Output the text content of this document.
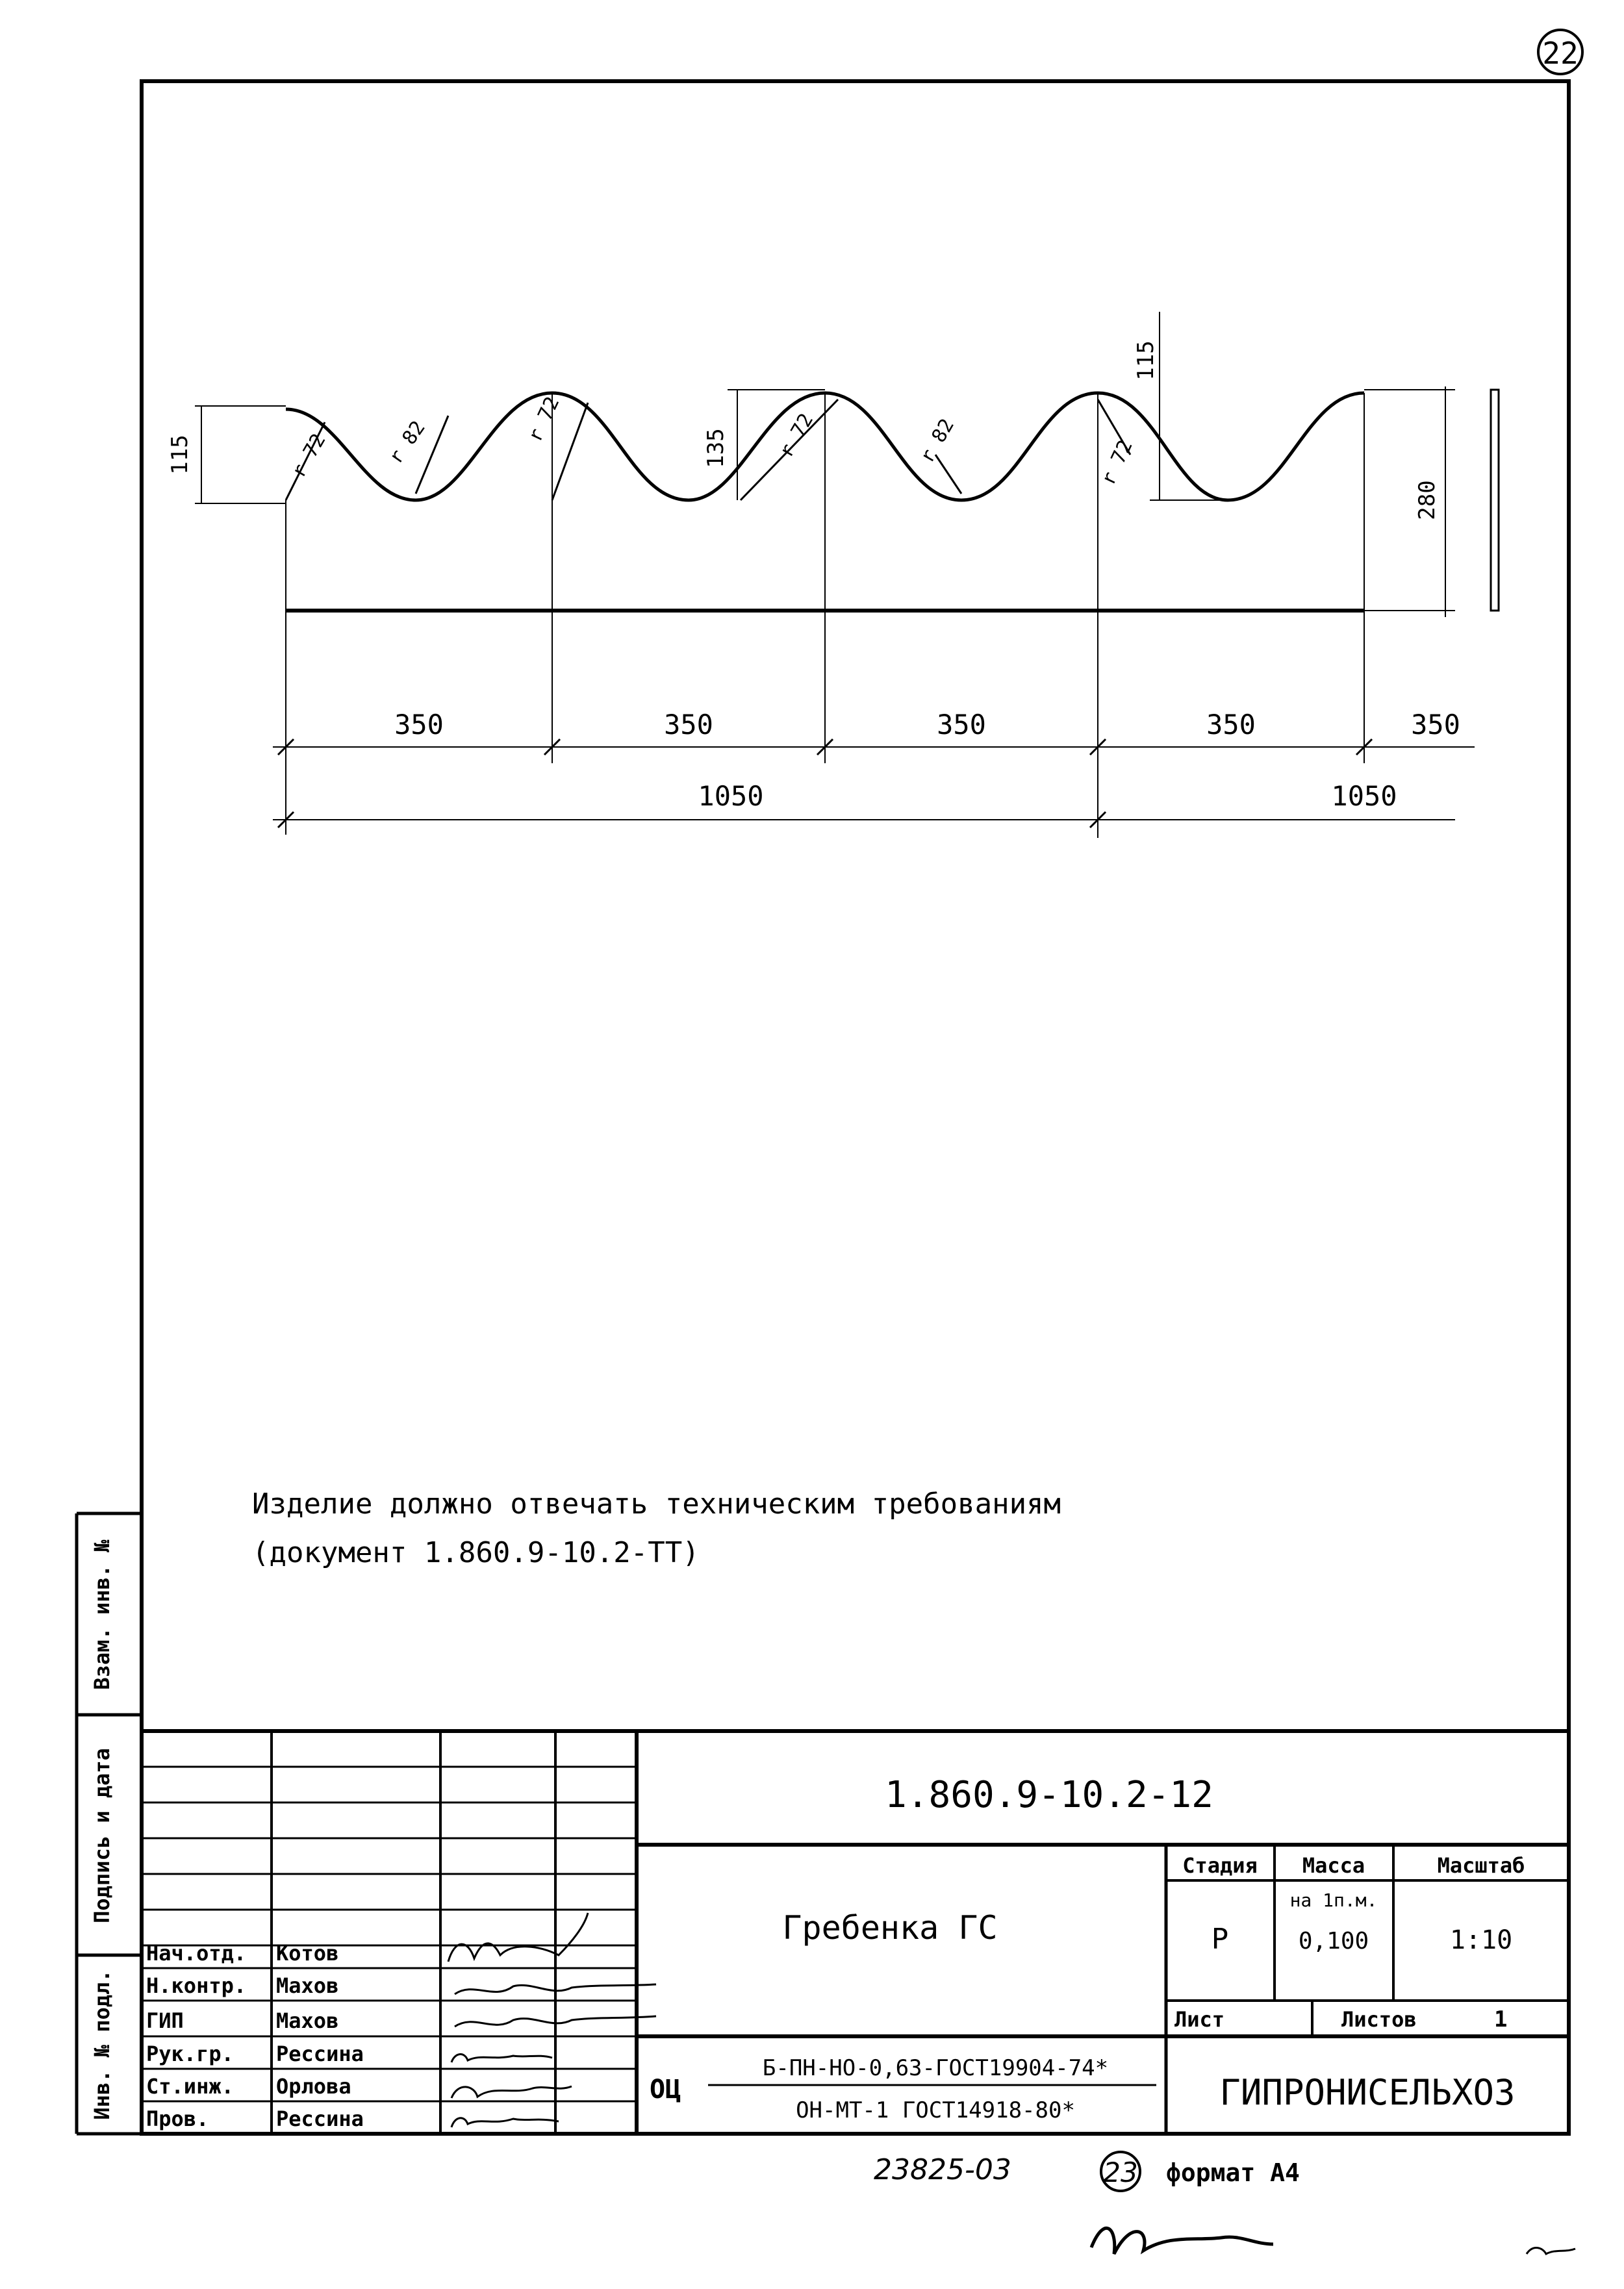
22
r 72	r 82	r 72	r 72	r 82	r 72
115	135
115
280
350	350	350	350	350
1050	1050
Изделие должно отвечать техническим требованиям
(документ 1.860.9-10.2-ТТ)
Инв. № подл.
Подпись и дата
Взам. инв. №
1.860.9-10.2-12
Гребенка ГС
Нач.отд. Котов
Н.контр. Махов
ГИП	Махов
Рук.гр. Рессина
Ст.инж. Орлова
Пров.	Рессина
Стадия Масса	Масштаб
Р
на 1п.м.
0,100	1:10
Лист	Листов	1
ОЦ
Б-ПН-НО-0,63-ГОСТ19904-74*
ОН-МТ-1 ГОСТ14918-80*	ГИПРОНИСЕЛЬХОЗ
23825-03	23 формат А4
